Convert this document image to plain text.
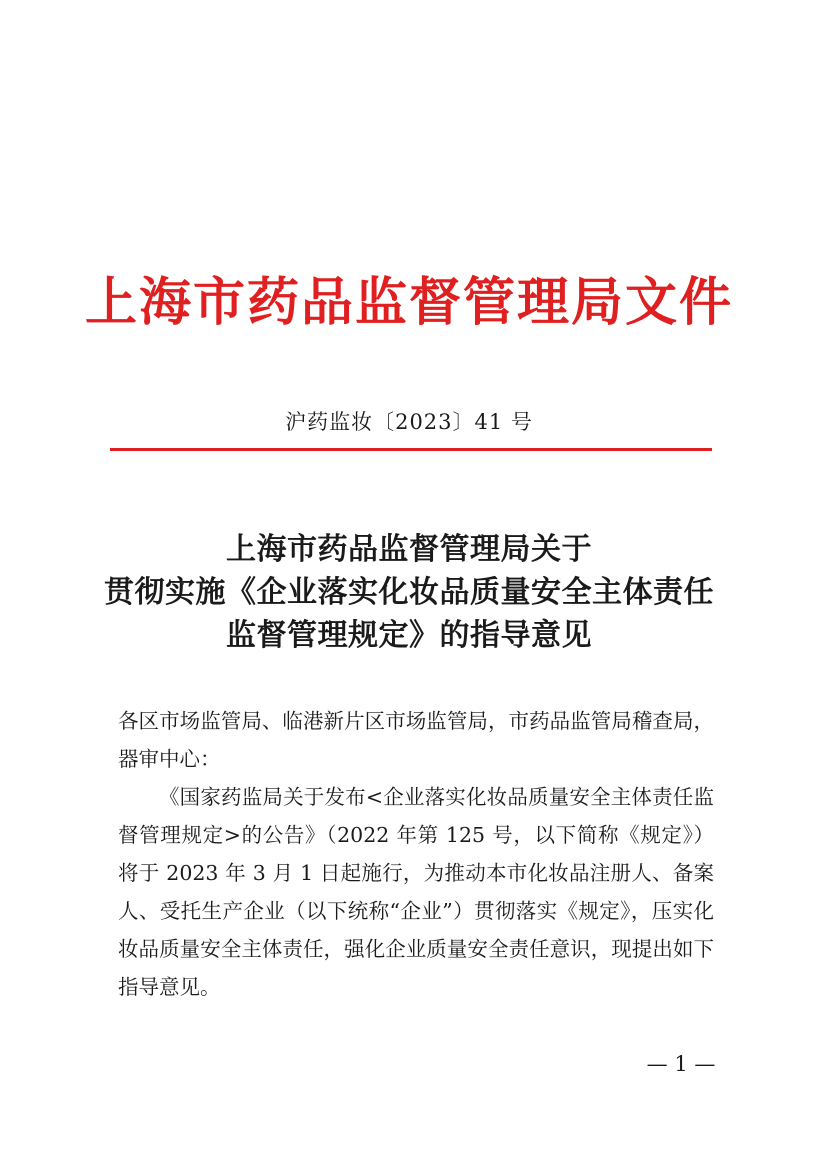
上海市药品监督管理局文件
沪药监妆〔2023〕41 号
上海市药品监督管理局关于
贯彻实施《企业落实化妆品质量安全主体责任
监督管理规定》的指导意见

各区市场监管局、临港新片区市场监管局，市药品监管局稽查局，器审中心：

《国家药监局关于发布<企业落实化妆品质量安全主体责任监督管理规定>的公告》（2022 年第 125 号，以下简称《规定》）将于 2023 年 3 月 1 日起施行，为推动本市化妆品注册人、备案人、受托生产企业（以下统称“企业”）贯彻落实《规定》，压实化妆品质量安全主体责任，强化企业质量安全责任意识，现提出如下指导意见。

— 1 —
